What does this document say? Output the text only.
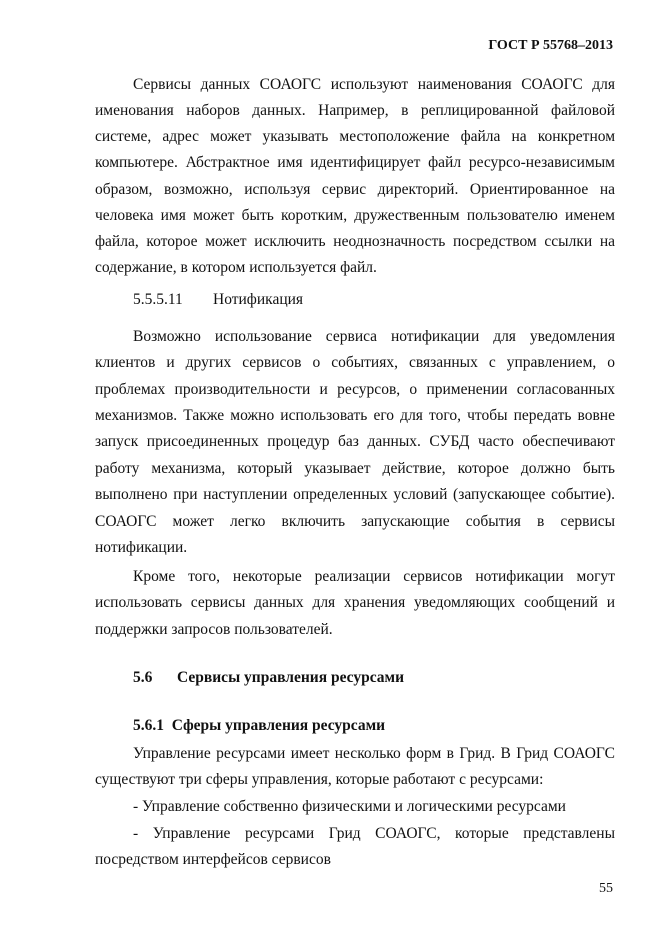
ГОСТ Р 55768–2013
Сервисы данных СОАОГС используют наименования СОАОГС для
именования наборов данных. Например, в реплицированной файловой
системе, адрес может указывать местоположение файла на конкретном
компьютере. Абстрактное имя идентифицирует файл ресурсо-независимым
образом, возможно, используя сервис директорий. Ориентированное на
человека имя может быть коротким, дружественным пользователю именем
файла, которое может исключить неоднозначность посредством ссылки на
содержание, в котором используется файл.
5.5.5.11 Нотификация
Возможно использование сервиса нотификации для уведомления
клиентов и других сервисов о событиях, связанных с управлением, о
проблемах производительности и ресурсов, о применении согласованных
механизмов. Также можно использовать его для того, чтобы передать вовне
запуск присоединенных процедур баз данных. СУБД часто обеспечивают
работу механизма, который указывает действие, которое должно быть
выполнено при наступлении определенных условий (запускающее событие).
СОАОГС может легко включить запускающие события в сервисы
нотификации.
Кроме того, некоторые реализации сервисов нотификации могут
использовать сервисы данных для хранения уведомляющих сообщений и
поддержки запросов пользователей.
5.6 Сервисы управления ресурсами
5.6.1 Сферы управления ресурсами
Управление ресурсами имеет несколько форм в Грид. В Грид СОАОГС
существуют три сферы управления, которые работают с ресурсами:
- Управление собственно физическими и логическими ресурсами
- Управление ресурсами Грид СОАОГС, которые представлены
посредством интерфейсов сервисов
55
